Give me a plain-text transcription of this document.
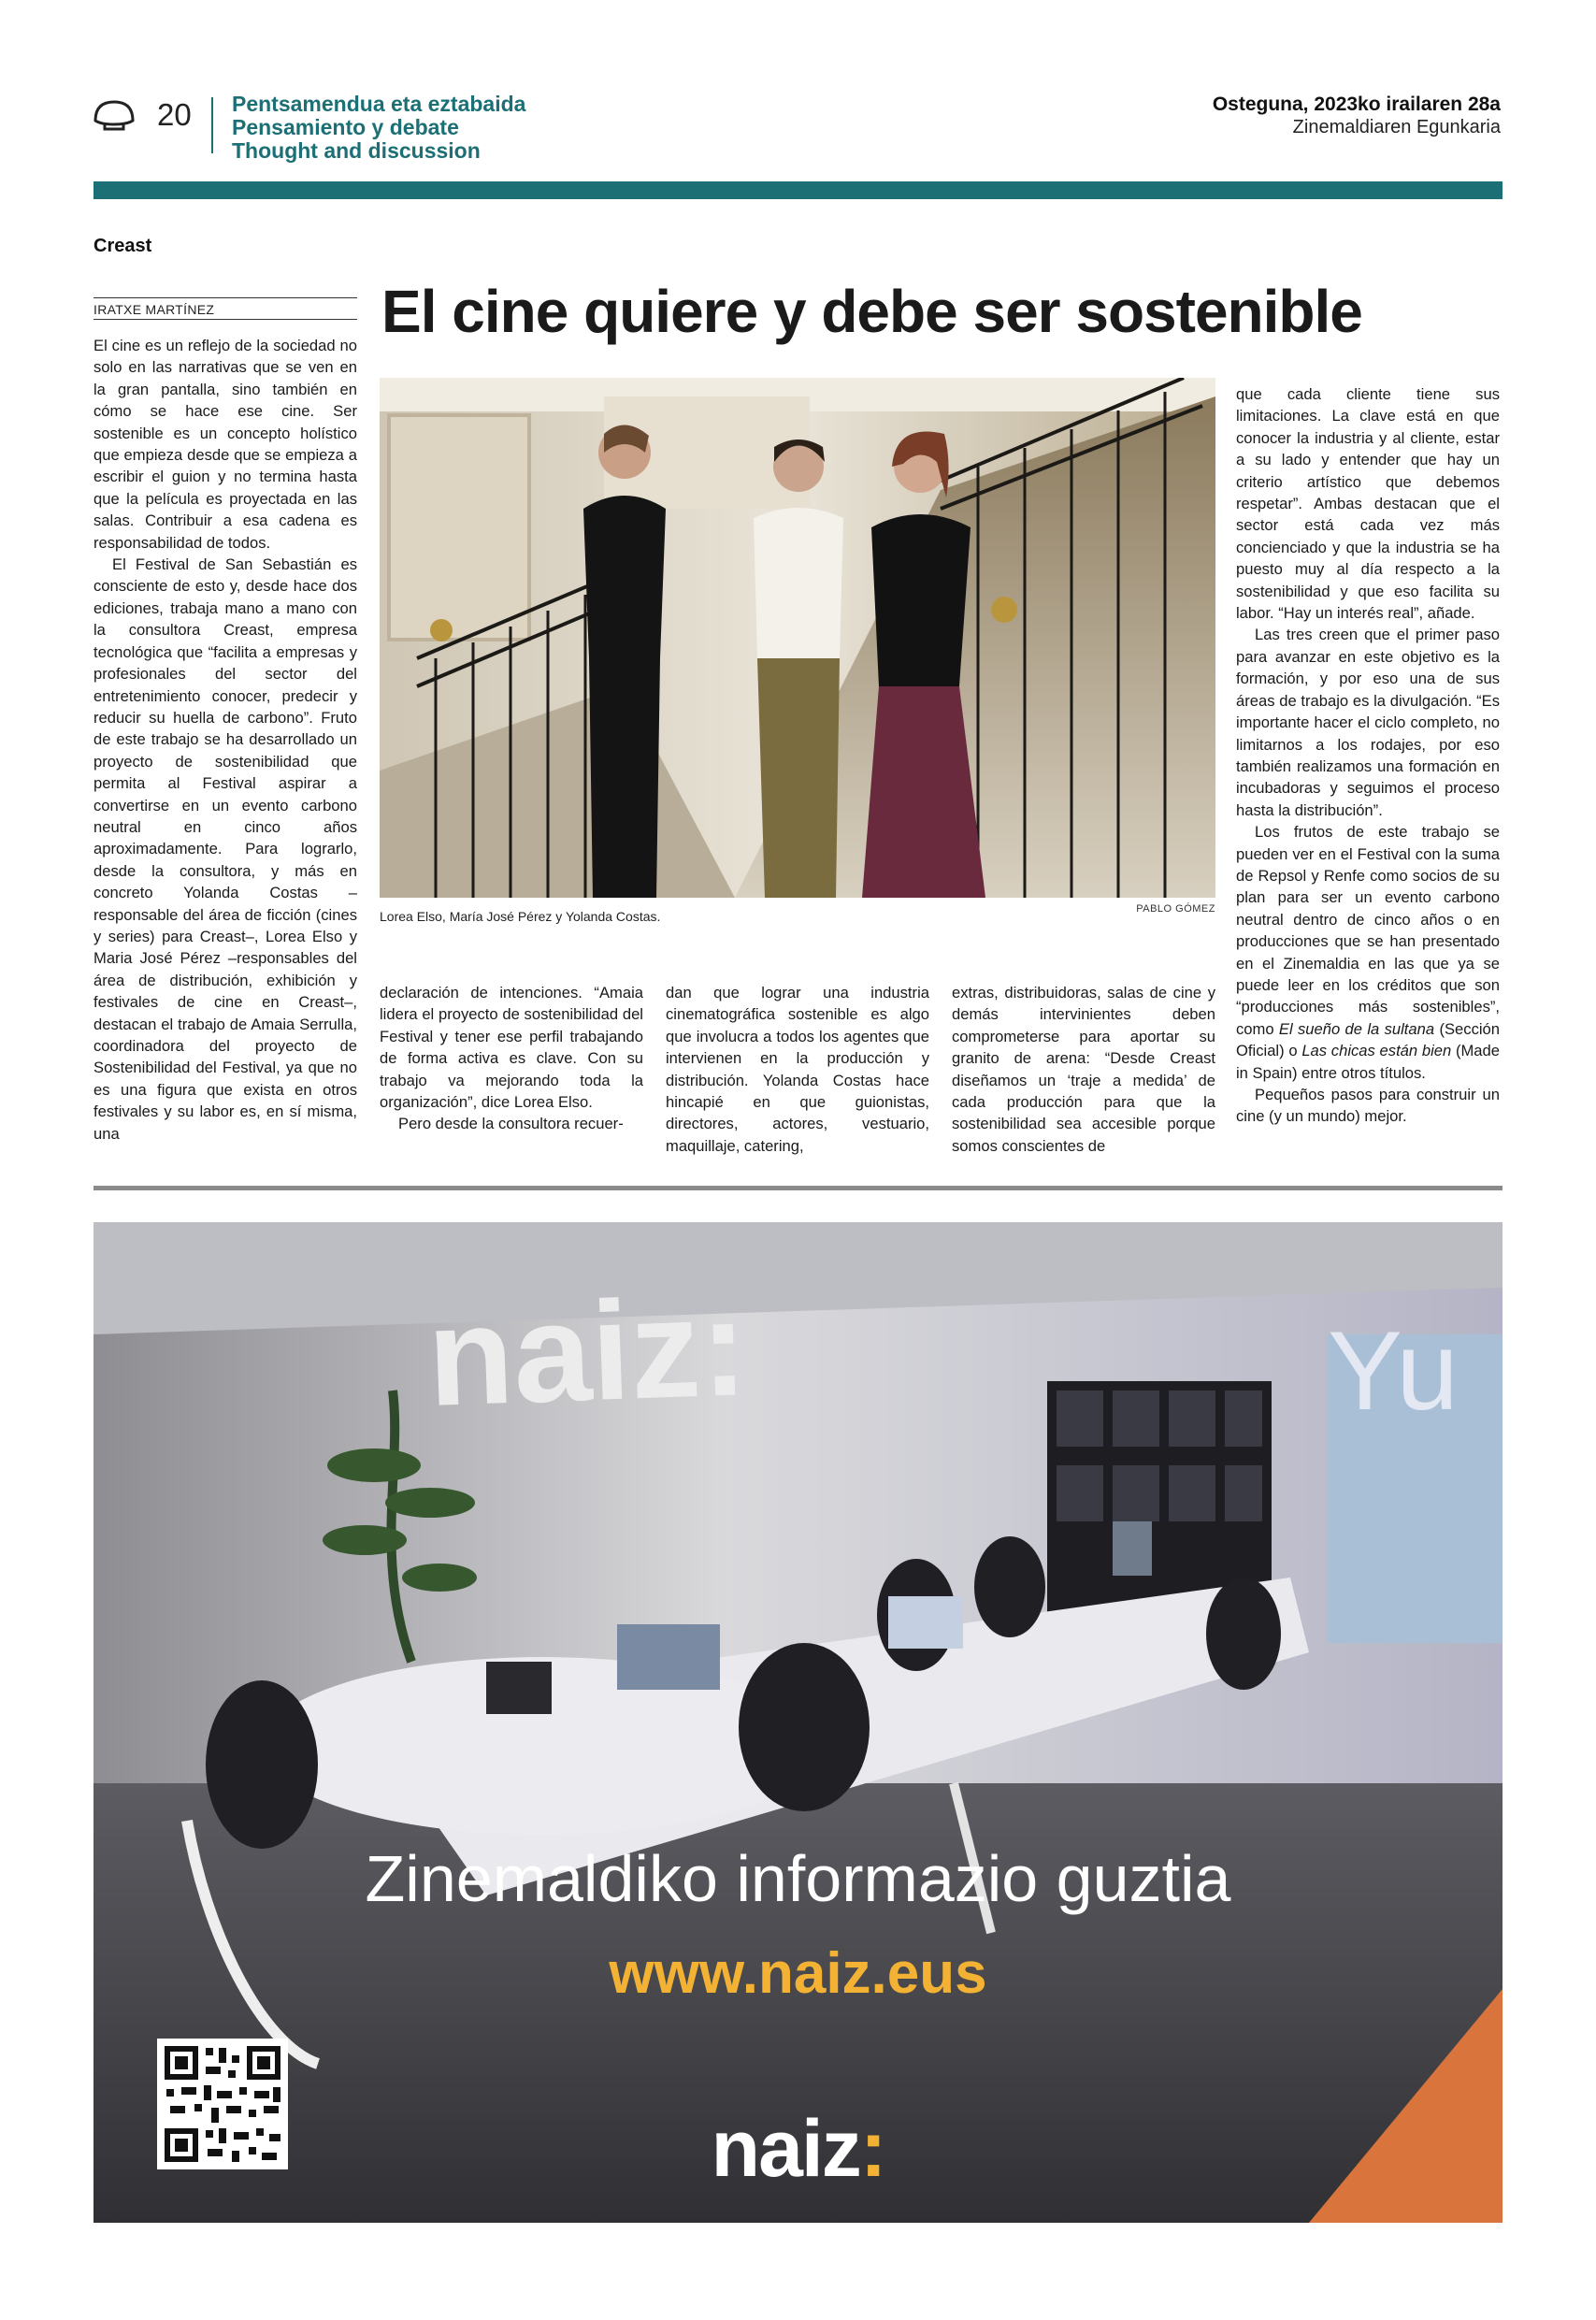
20 Pentsamendua eta eztabaida
Pensamiento y debate
Thought and discussion
Osteguna, 2023ko irailaren 28a
Zinemaldiaren Egunkaria
Creast
IRATXE MARTÍNEZ	El cine quiere y debe ser sostenible

El cine es un reflejo de la sociedad no solo en las narrativas que se ven en la gran pantalla, sino también en cómo se hace ese cine. Ser sostenible es un concepto holístico que empieza desde que se empieza a escribir el guion y no termina hasta que la película es proyectada en las salas. Contribuir a esa cadena es responsabilidad de todos.

El Festival de San Sebastián es consciente de esto y, desde hace dos ediciones, trabaja mano a mano con la consultora Creast, empresa tecnológica que “facilita a empresas y profesionales del sector del entretenimiento conocer, predecir y reducir su huella de carbono”. Fruto de este trabajo se ha desarrollado un proyecto de sostenibilidad que permita al Festival aspirar a convertirse en un evento carbono neutral en cinco años aproximadamente. Para lograrlo, desde la consultora, y más en concreto Yolanda Costas –responsable del área de ficción (cines y series) para Creast–, Lorea Elso y Maria José Pérez –responsables del área de distribución, exhibición y festivales de cine en Creast–, destacan el trabajo de Amaia Serrulla, coordinadora del proyecto de Sostenibilidad del Festival, ya que no es una figura que exista en otros festivales y su labor es, en sí misma, una

Lorea Elso, María José Pérez y Yolanda Costas.	PABLO GÓMEZ

declaración de intenciones. “Amaia lidera el proyecto de sostenibilidad del Festival y tener ese perfil trabajando de forma activa es clave. Con su trabajo va mejorando toda la organización”, dice Lorea Elso.

Pero desde la consultora recuer-

dan que lograr una industria cinematográfica sostenible es algo que involucra a todos los agentes que intervienen en la producción y distribución. Yolanda Costas hace hincapié en que guionistas, directores, actores, vestuario, maquillaje, catering,

extras, distribuidoras, salas de cine y demás intervinientes deben comprometerse para aportar su granito de arena: “Desde Creast diseñamos un ‘traje a medida’ de cada producción para que la sostenibilidad sea accesible porque somos conscientes de

que cada cliente tiene sus limitaciones. La clave está en que conocer la industria y al cliente, estar a su lado y entender que hay un criterio artístico que debemos respetar”. Ambas destacan que el sector está cada vez más concienciado y que la industria se ha puesto muy al día respecto a la sostenibilidad y que eso facilita su labor. “Hay un interés real”, añade.

Las tres creen que el primer paso para avanzar en este objetivo es la formación, y por eso una de sus áreas de trabajo es la divulgación. “Es importante hacer el ciclo completo, no limitarnos a los rodajes, por eso también realizamos una formación en incubadoras y seguimos el proceso hasta la distribución”.

Los frutos de este trabajo se pueden ver en el Festival con la suma de Repsol y Renfe como socios de su plan para ser un evento carbono neutral dentro de cinco años o en producciones que se han presentado en el Zinemaldia en las que ya se puede leer en los créditos que son “producciones más sostenibles”, como El sueño de la sultana (Sección Oficial) o Las chicas están bien (Made in Spain) entre otros títulos.

Pequeños pasos para construir un cine (y un mundo) mejor.

naiz:	Yu
Zinemaldiko informazio guztia
www.naiz.eus
naiz:
